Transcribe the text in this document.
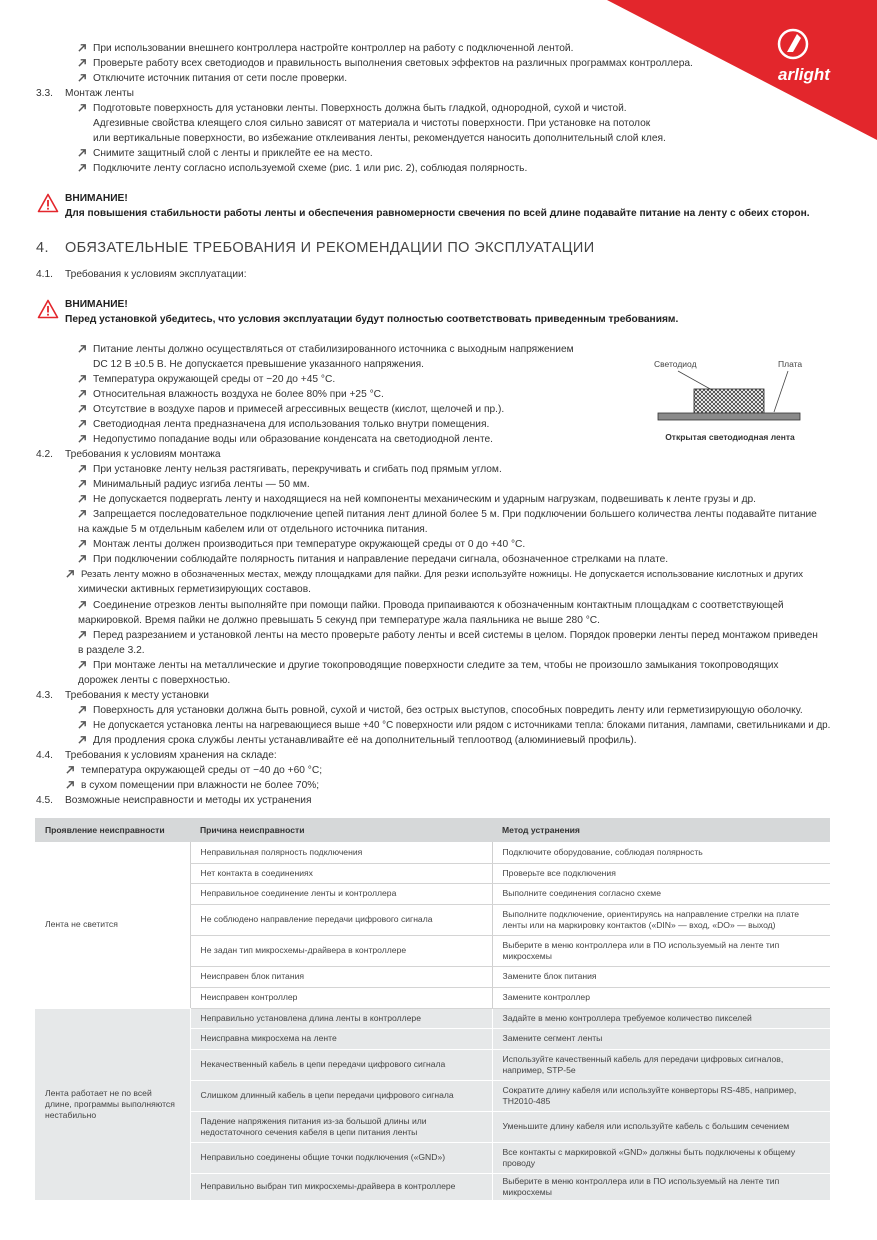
arlight
При использовании внешнего контроллера настройте контроллер на работу с подключенной лентой.
Проверьте работу всех светодиодов и правильность выполнения световых эффектов на различных программах контроллера.
Отключите источник питания от сети после проверки.
3.3. Монтаж ленты
Подготовьте поверхность для установки ленты. Поверхность должна быть гладкой, однородной, сухой и чистой.
Адгезивные свойства клеящего слоя сильно зависят от материала и чистоты поверхности. При установке на потолок
или вертикальные поверхности, во избежание отклеивания ленты, рекомендуется наносить дополнительный слой клея.
Снимите защитный слой с ленты и приклейте ее на место.
Подключите ленту согласно используемой схеме (рис. 1 или рис. 2), соблюдая полярность.
ВНИМАНИЕ!
Для повышения стабильности работы ленты и обеспечения равномерности свечения по всей длине подавайте питание на ленту с обеих сторон.
4. ОБЯЗАТЕЛЬНЫЕ ТРЕБОВАНИЯ И РЕКОМЕНДАЦИИ ПО ЭКСПЛУАТАЦИИ
4.1. Требования к условиям эксплуатации:
ВНИМАНИЕ!
Перед установкой убедитесь, что условия эксплуатации будут полностью соответствовать приведенным требованиям.
Питание ленты должно осуществляться от стабилизированного источника с выходным напряжением
DC 12 В ±0.5 В. Не допускается превышение указанного напряжения.
Температура окружающей среды от −20 до +45 °C.
Относительная влажность воздуха не более 80% при +25 °C.
Отсутствие в воздухе паров и примесей агрессивных веществ (кислот, щелочей и пр.).
Светодиодная лента предназначена для использования только внутри помещения.
Недопустимо попадание воды или образование конденсата на светодиодной ленте.
Светодиод	Плата
Открытая светодиодная лента
4.2. Требования к условиям монтажа
При установке ленту нельзя растягивать, перекручивать и сгибать под прямым углом.
Минимальный радиус изгиба ленты — 50 мм.
Не допускается подвергать ленту и находящиеся на ней компоненты механическим и ударным нагрузкам, подвешивать к ленте грузы и др.
Запрещается последовательное подключение цепей питания лент длиной более 5 м. При подключении большего количества ленты подавайте питание
на каждые 5 м отдельным кабелем или от отдельного источника питания.
Монтаж ленты должен производиться при температуре окружающей среды от 0 до +40 °C.
При подключении соблюдайте полярность питания и направление передачи сигнала, обозначенное стрелками на плате.
Резать ленту можно в обозначенных местах, между площадками для пайки. Для резки используйте ножницы. Не допускается использование кислотных и других
химически активных герметизирующих составов.
Соединение отрезков ленты выполняйте при помощи пайки. Провода припаиваются к обозначенным контактным площадкам с соответствующей
маркировкой. Время пайки не должно превышать 5 секунд при температуре жала паяльника не выше 280 °C.
Перед разрезанием и установкой ленты на место проверьте работу ленты и всей системы в целом. Порядок проверки ленты перед монтажом приведен
в разделе 3.2.
При монтаже ленты на металлические и другие токопроводящие поверхности следите за тем, чтобы не произошло замыкания токопроводящих
дорожек ленты с поверхностью.
4.3. Требования к месту установки
Поверхность для установки должна быть ровной, сухой и чистой, без острых выступов, способных повредить ленту или герметизирующую оболочку.
Не допускается установка ленты на нагревающиеся выше +40 °C поверхности или рядом с источниками тепла: блоками питания, лампами, светильниками и др.
Для продления срока службы ленты устанавливайте её на дополнительный теплоотвод (алюминиевый профиль).
4.4. Требования к условиям хранения на складе:
температура окружающей среды от −40 до +60 °C;
в сухом помещении при влажности не более 70%;
4.5. Возможные неисправности и методы их устранения
Проявление неисправности	Причина неисправности	Метод устранения
Лента не светится	Неправильная полярность подключения	Подключите оборудование, соблюдая полярность
	Нет контакта в соединениях	Проверьте все подключения
	Неправильное соединение ленты и контроллера	Выполните соединения согласно схеме
	Не соблюдено направление передачи цифрового сигнала	Выполните подключение, ориентируясь на направление стрелки на плате ленты или на маркировку контактов («DIN» — вход, «DO» — выход)
	Не задан тип микросхемы-драйвера в контроллере	Выберите в меню контроллера или в ПО используемый на ленте тип микросхемы
	Неисправен блок питания	Замените блок питания
	Неисправен контроллер	Замените контроллер
Лента работает не по всей длине, программы выполняются нестабильно	Неправильно установлена длина ленты в контроллере	Задайте в меню контроллера требуемое количество пикселей
	Неисправна микросхема на ленте	Замените сегмент ленты
	Некачественный кабель в цепи передачи цифрового сигнала	Используйте качественный кабель для передачи цифровых сигналов, например, STP-5e
	Слишком длинный кабель в цепи передачи цифрового сигнала	Сократите длину кабеля или используйте конверторы RS-485, например, TH2010-485
	Падение напряжения питания из-за большой длины или недостаточного сечения кабеля в цепи питания ленты	Уменьшите длину кабеля или используйте кабель с большим сечением
	Неправильно соединены общие точки подключения («GND»)	Все контакты с маркировкой «GND» должны быть подключены к общему проводу
	Неправильно выбран тип микросхемы-драйвера в контроллере	Выберите в меню контроллера или в ПО используемый на ленте тип микросхемы
